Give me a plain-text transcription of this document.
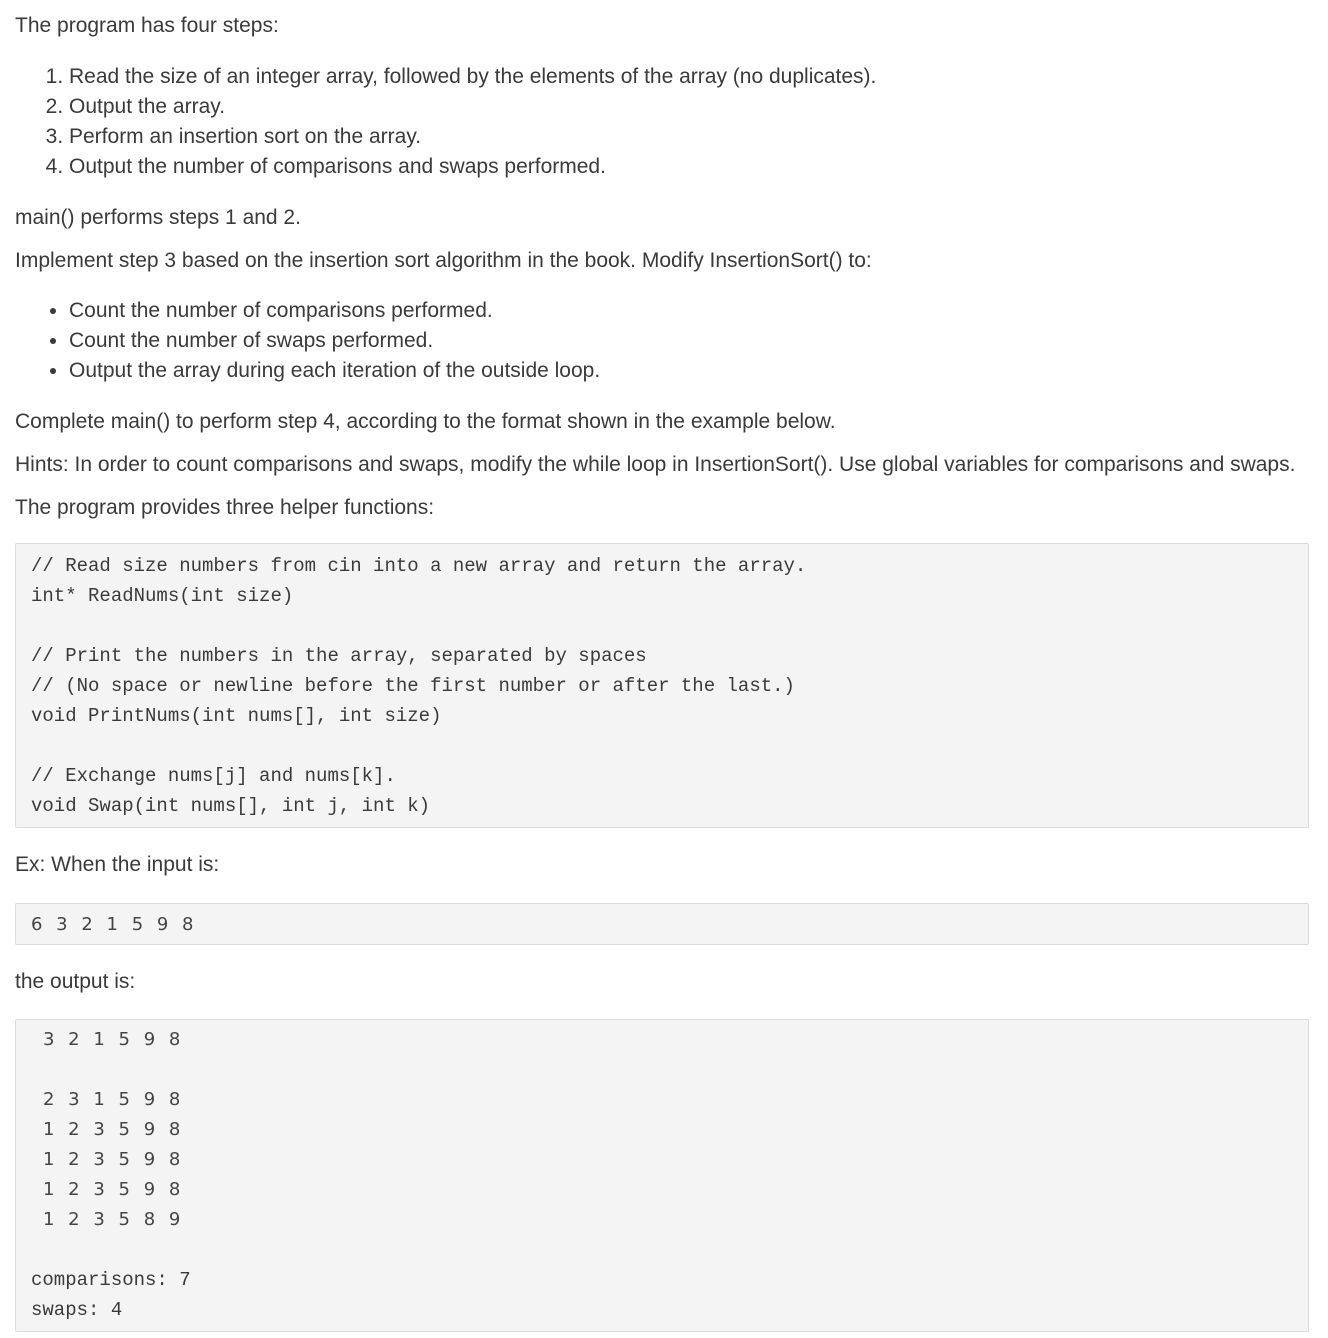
The program has four steps:

1. Read the size of an integer array, followed by the elements of the array (no duplicates).
2. Output the array.
3. Perform an insertion sort on the array.
4. Output the number of comparisons and swaps performed.

main() performs steps 1 and 2.

Implement step 3 based on the insertion sort algorithm in the book. Modify InsertionSort() to:

• Count the number of comparisons performed.
• Count the number of swaps performed.
• Output the array during each iteration of the outside loop.

Complete main() to perform step 4, according to the format shown in the example below.

Hints: In order to count comparisons and swaps, modify the while loop in InsertionSort(). Use global variables for comparisons and swaps.

The program provides three helper functions:

// Read size numbers from cin into a new array and return the array.
int* ReadNums(int size)
// Print the numbers in the array, separated by spaces
// (No space or newline before the first number or after the last.)
void PrintNums(int nums[], int size)
// Exchange nums[j] and nums[k].
void Swap(int nums[], int j, int k)

Ex: When the input is:

6 3 2 1 5 9 8

the output is:

3 2 1 5 9 8
2 3 1 5 9 8
1 2 3 5 9 8
1 2 3 5 9 8
1 2 3 5 9 8
1 2 3 5 8 9
comparisons: 7
swaps: 4
